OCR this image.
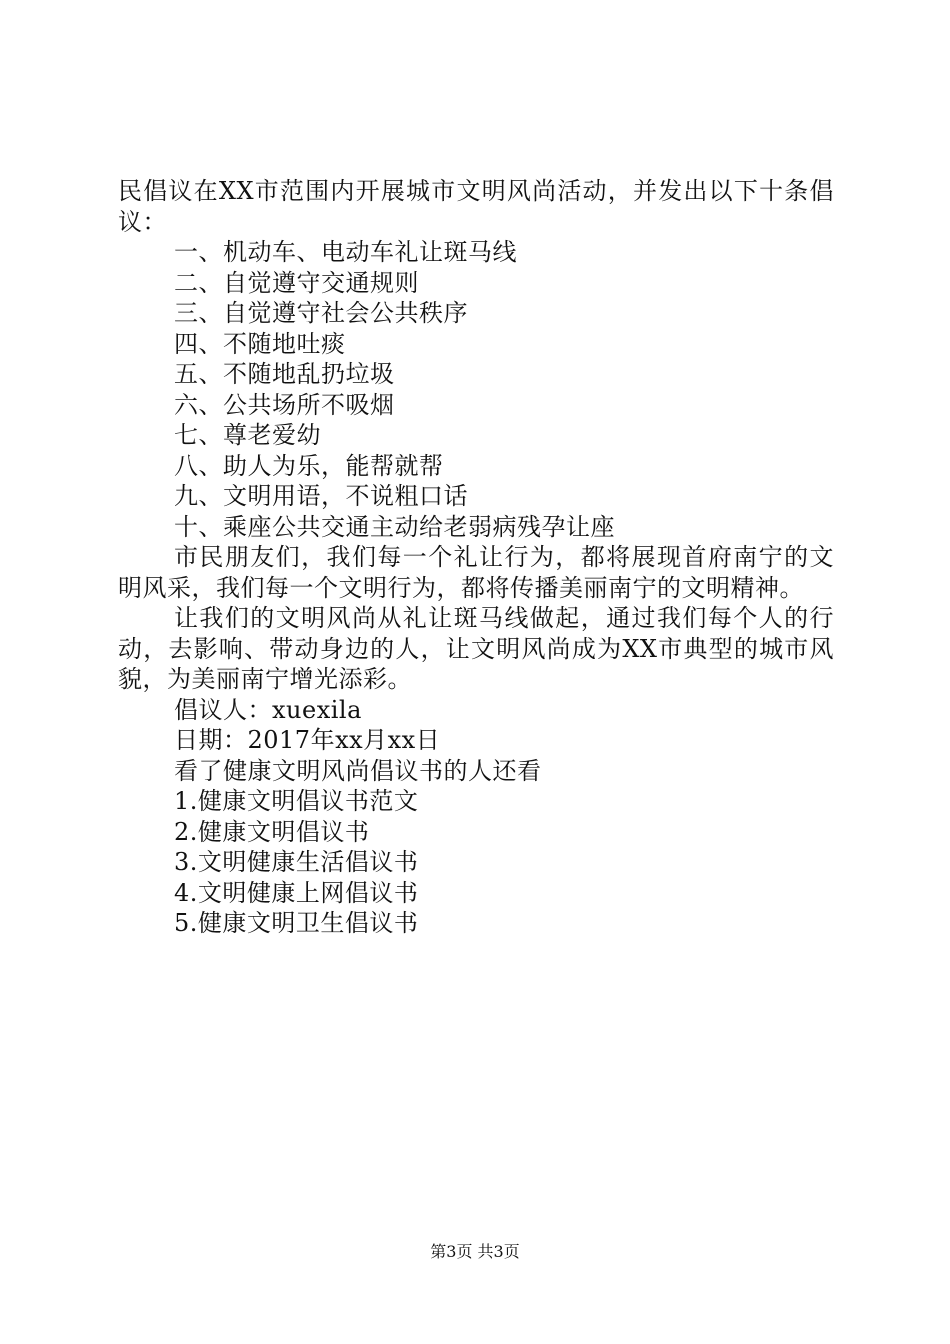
民倡议在XX市范围内开展城市文明风尚活动，并发出以下十条倡议：

一、机动车、电动车礼让斑马线

二、自觉遵守交通规则

三、自觉遵守社会公共秩序

四、不随地吐痰

五、不随地乱扔垃圾

六、公共场所不吸烟

七、尊老爱幼

八、助人为乐，能帮就帮

九、文明用语，不说粗口话

十、乘座公共交通主动给老弱病残孕让座

市民朋友们，我们每一个礼让行为，都将展现首府南宁的文明风采，我们每一个文明行为，都将传播美丽南宁的文明精神。

让我们的文明风尚从礼让斑马线做起，通过我们每个人的行动，去影响、带动身边的人，让文明风尚成为XX市典型的城市风貌，为美丽南宁增光添彩。

倡议人：xuexila

日期：2017年xx月xx日

看了健康文明风尚倡议书的人还看

1.健康文明倡议书范文

2.健康文明倡议书

3.文明健康生活倡议书

4.文明健康上网倡议书

5.健康文明卫生倡议书

第3页 共3页
